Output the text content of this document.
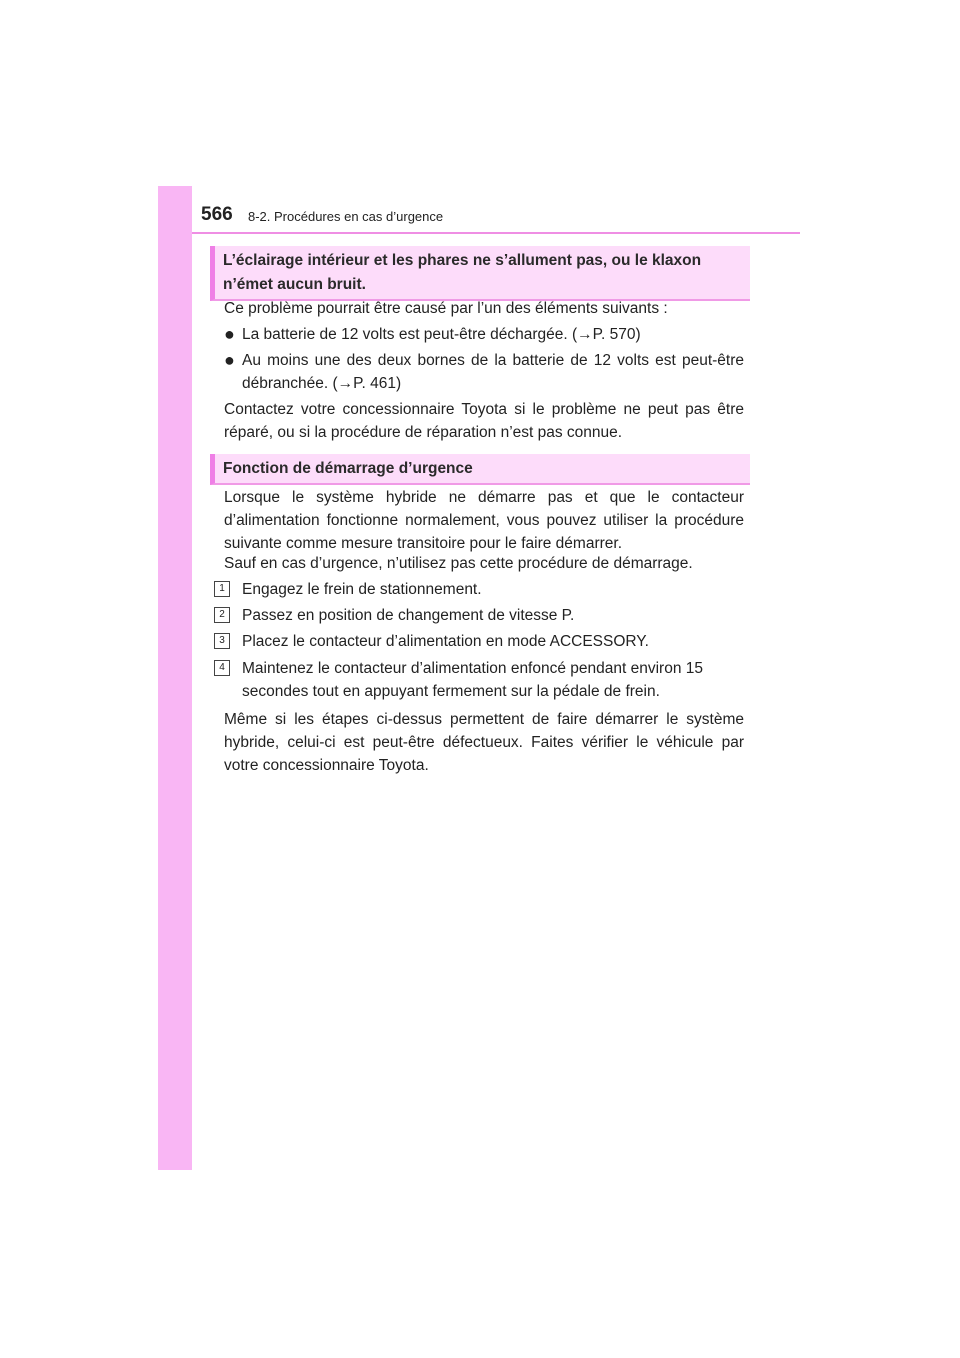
566 8-2. Procédures en cas d’urgence
L’éclairage intérieur et les phares ne s’allument pas, ou le klaxon
n’émet aucun bruit.
Ce problème pourrait être causé par l’un des éléments suivants :
● La batterie de 12 volts est peut-être déchargée. (→P. 570)
● Au moins une des deux bornes de la batterie de 12 volts est peut-être débranchée. (→P. 461)
Contactez votre concessionnaire Toyota si le problème ne peut pas être réparé, ou si la procédure de réparation n’est pas connue.
Fonction de démarrage d’urgence
Lorsque le système hybride ne démarre pas et que le contacteur d’alimentation fonctionne normalement, vous pouvez utiliser la procédure suivante comme mesure transitoire pour le faire démarrer.
Sauf en cas d’urgence, n’utilisez pas cette procédure de démarrage.
1	Engagez le frein de stationnement.
2	Passez en position de changement de vitesse P.
3	Placez le contacteur d’alimentation en mode ACCESSORY.
4	Maintenez le contacteur d’alimentation enfoncé pendant environ 15 secondes tout en appuyant fermement sur la pédale de frein.
Même si les étapes ci-dessus permettent de faire démarrer le système hybride, celui-ci est peut-être défectueux. Faites vérifier le véhicule par votre concessionnaire Toyota.
